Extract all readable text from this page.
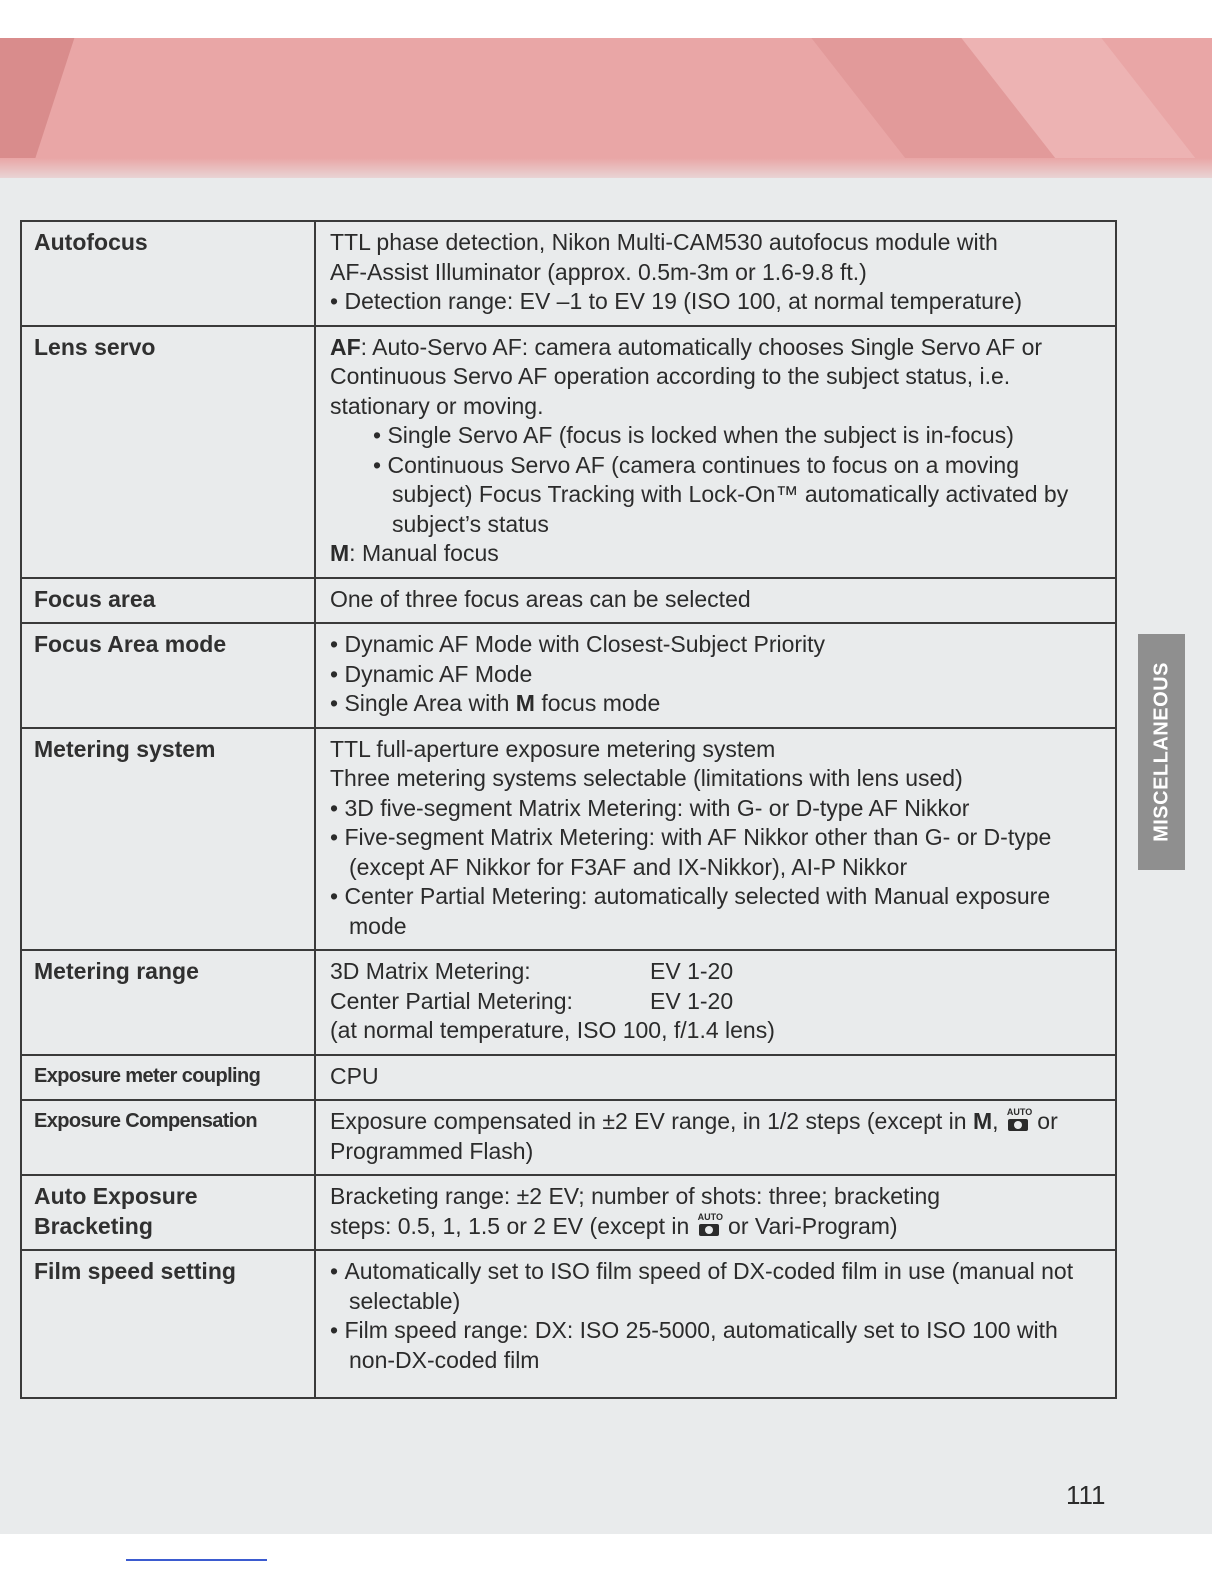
Autofocus	TTL phase detection, Nikon Multi-CAM530 autofocus module with
AF-Assist Illuminator (approx. 0.5m-3m or 1.6-9.8 ft.)
• Detection range: EV –1 to EV 19 (ISO 100, at normal temperature)

Lens servo	AF: Auto-Servo AF: camera automatically chooses Single Servo AF or Continuous Servo AF operation according to the subject status, i.e. stationary or moving.
• Single Servo AF (focus is locked when the subject is in-focus)
• Continuous Servo AF (camera continues to focus on a moving subject) Focus Tracking with Lock-On™ automatically activated by subject’s status
M: Manual focus

Focus area	One of three focus areas can be selected

Focus Area mode	• Dynamic AF Mode with Closest-Subject Priority
• Dynamic AF Mode
• Single Area with M focus mode

Metering system	TTL full-aperture exposure metering system
Three metering systems selectable (limitations with lens used)
• 3D five-segment Matrix Metering: with G- or D-type AF Nikkor
• Five-segment Matrix Metering: with AF Nikkor other than G- or D-type (except AF Nikkor for F3AF and IX-Nikkor), AI-P Nikkor
• Center Partial Metering: automatically selected with Manual exposure mode

Metering range	3D Matrix Metering: EV 1-20
Center Partial Metering: EV 1-20
(at normal temperature, ISO 100, f/1.4 lens)

Exposure meter coupling	CPU

Exposure Compensation	Exposure compensated in ±2 EV range, in 1/2 steps (except in M, AUTO
or Programmed Flash)
Auto Exposure Bracketing	Bracketing range: ±2 EV; number of shots: three; bracketing
steps: 0.5, 1, 1.5 or 2 EV (except in AUTO
or Vari-Program)

Film speed setting	• Automatically set to ISO film speed of DX-coded film in use (manual not selectable)
• Film speed range: DX: ISO 25-5000, automatically set to ISO 100 with non-DX-coded film
MISCELLANEOUS
111
